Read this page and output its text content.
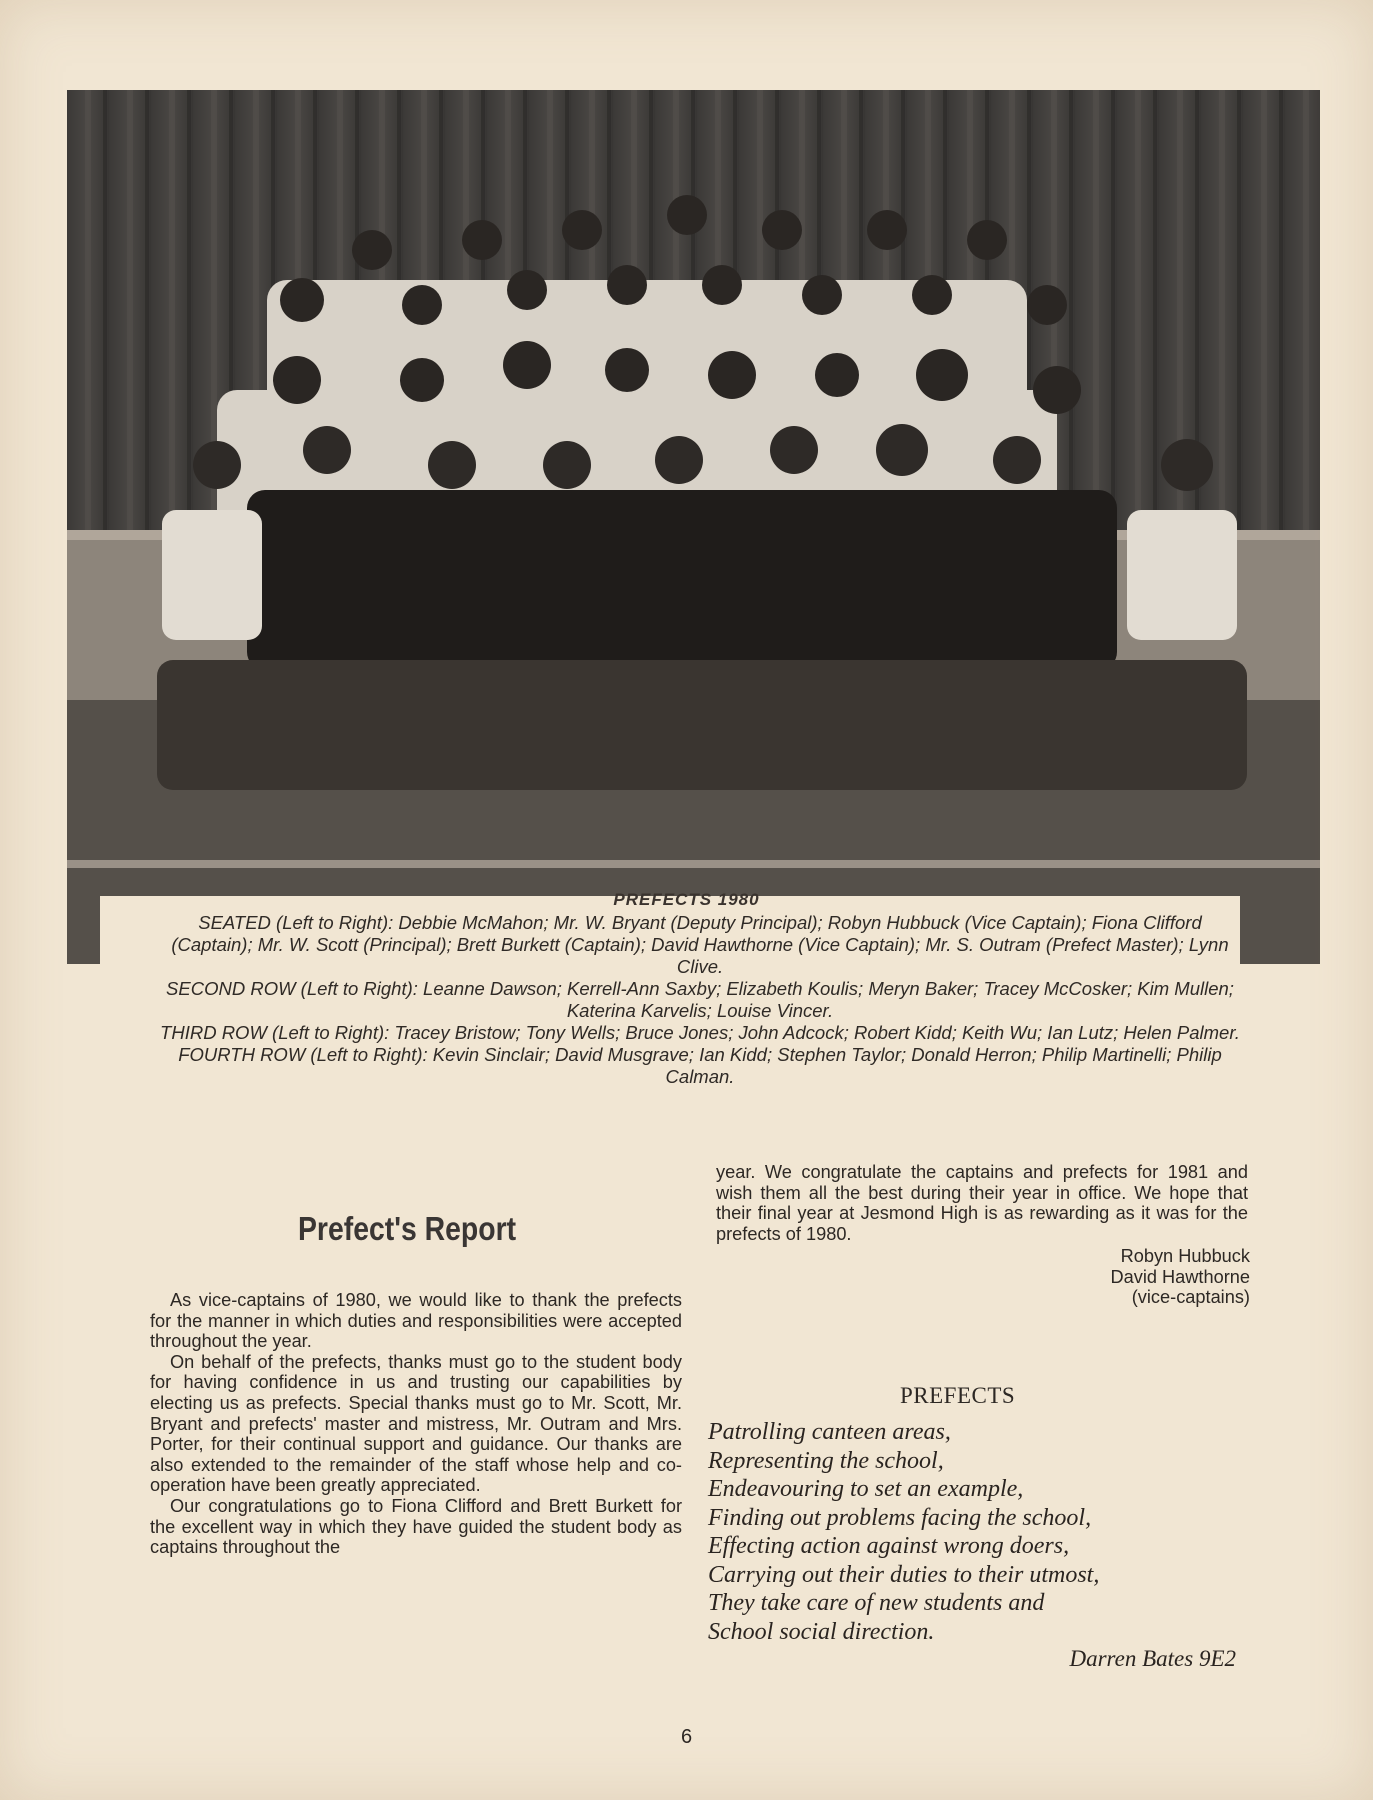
PREFECTS 1980

SEATED (Left to Right): Debbie McMahon; Mr. W. Bryant (Deputy Principal); Robyn Hubbuck (Vice Captain); Fiona Clifford (Captain); Mr. W. Scott (Principal); Brett Burkett (Captain); David Hawthorne (Vice Captain); Mr. S. Outram (Prefect Master); Lynn Clive.

SECOND ROW (Left to Right): Leanne Dawson; Kerrell-Ann Saxby; Elizabeth Koulis; Meryn Baker; Tracey McCosker; Kim Mullen; Katerina Karvelis; Louise Vincer.

THIRD ROW (Left to Right): Tracey Bristow; Tony Wells; Bruce Jones; John Adcock; Robert Kidd; Keith Wu; Ian Lutz; Helen Palmer.

FOURTH ROW (Left to Right): Kevin Sinclair; David Musgrave; Ian Kidd; Stephen Taylor; Donald Herron; Philip Martinelli; Philip Calman.

Prefect's Report

As vice-captains of 1980, we would like to thank the prefects for the manner in which duties and responsibilities were accepted throughout the year.

On behalf of the prefects, thanks must go to the student body for having confidence in us and trusting our capabilities by electing us as prefects. Special thanks must go to Mr. Scott, Mr. Bryant and prefects' master and mistress, Mr. Outram and Mrs. Porter, for their continual support and guidance. Our thanks are also extended to the remainder of the staff whose help and co-operation have been greatly appreciated.

Our congratulations go to Fiona Clifford and Brett Burkett for the excellent way in which they have guided the student body as captains throughout the

year. We congratulate the captains and prefects for 1981 and wish them all the best during their year in office. We hope that their final year at Jesmond High is as rewarding as it was for the prefects of 1980.

Robyn Hubbuck
David Hawthorne
(vice-captains)
PREFECTS
Patrolling canteen areas,
Representing the school,
Endeavouring to set an example,
Finding out problems facing the school,
Effecting action against wrong doers,
Carrying out their duties to their utmost,
They take care of new students and
School social direction.
Darren Bates 9E2
6
